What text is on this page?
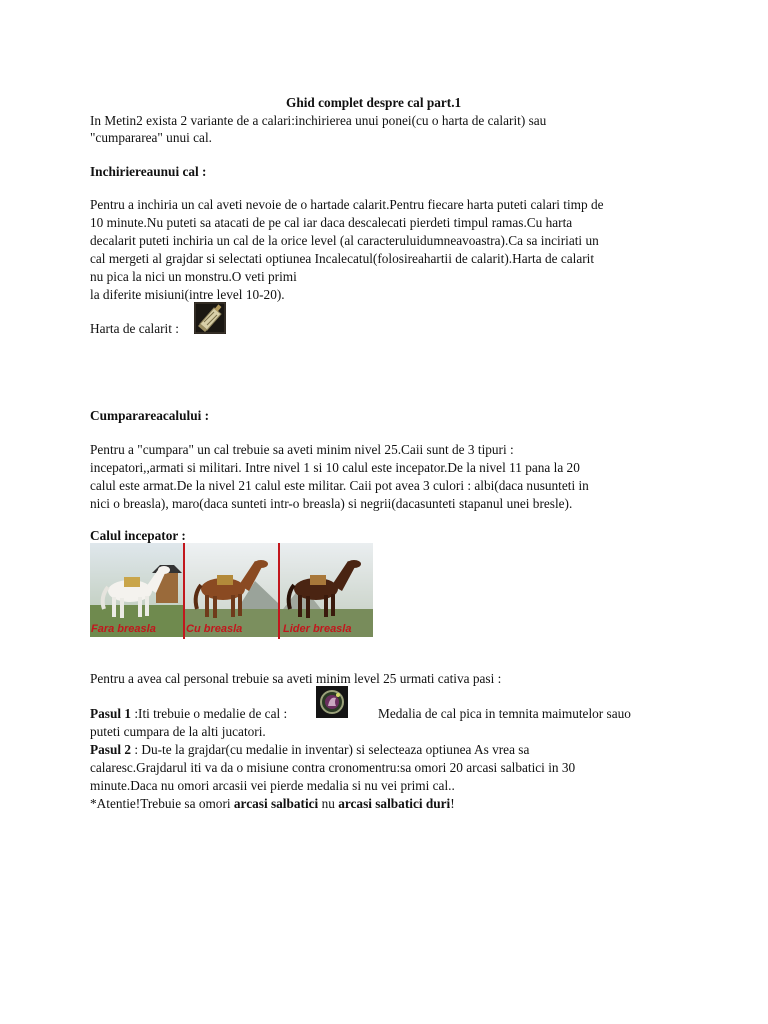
Ghid complet despre cal part.1

In Metin2 exista 2 variante de a calari:inchirierea unui ponei(cu o harta de calarit) sau

"cumpararea" unui cal.

Inchiriereaunui cal :

Pentru a inchiria un cal aveti nevoie de o hartade calarit.Pentru fiecare harta puteti calari timp de

10 minute.Nu puteti sa atacati de pe cal iar daca descalecati pierdeti timpul ramas.Cu harta

decalarit puteti inchiria un cal de la orice level (al caracteruluidumneavoastra).Ca sa inciriati un

cal mergeti al grajdar si selectati optiunea Incalecatul(folosireahartii de calarit).Harta de calarit

nu pica la nici un monstru.O veti primi

la diferite misiuni(intre level 10-20).

Harta de calarit :

Cumparareacalului :

Pentru a "cumpara" un cal trebuie sa aveti minim nivel 25.Caii sunt de 3 tipuri :

incepatori,,armati si militari. Intre nivel 1 si 10 calul este incepator.De la nivel 11 pana la 20

calul este armat.De la nivel 21 calul este militar. Caii pot avea 3 culori : albi(daca nusunteti in

nici o breasla), maro(daca sunteti intr-o breasla) si negrii(dacasunteti stapanul unei bresle).

Calul incepator :

Fara breasla	Cu breasla	Lider breasla

Pentru a avea cal personal trebuie sa aveti minim level 25 urmati cativa pasi :

Pasul 1 :Iti trebuie o medalie de cal :	Medalia de cal pica in temnita maimutelor sauo

puteti cumpara de la alti jucatori.

Pasul 2 : Du-te la grajdar(cu medalie in inventar) si selecteaza optiunea As vrea sa

calaresc.Grajdarul iti va da o misiune contra cronomentru:sa omori 20 arcasi salbatici in 30

minute.Daca nu omori arcasii vei pierde medalia si nu vei primi cal..

*Atentie!Trebuie sa omori arcasi salbatici nu arcasi salbatici duri!
